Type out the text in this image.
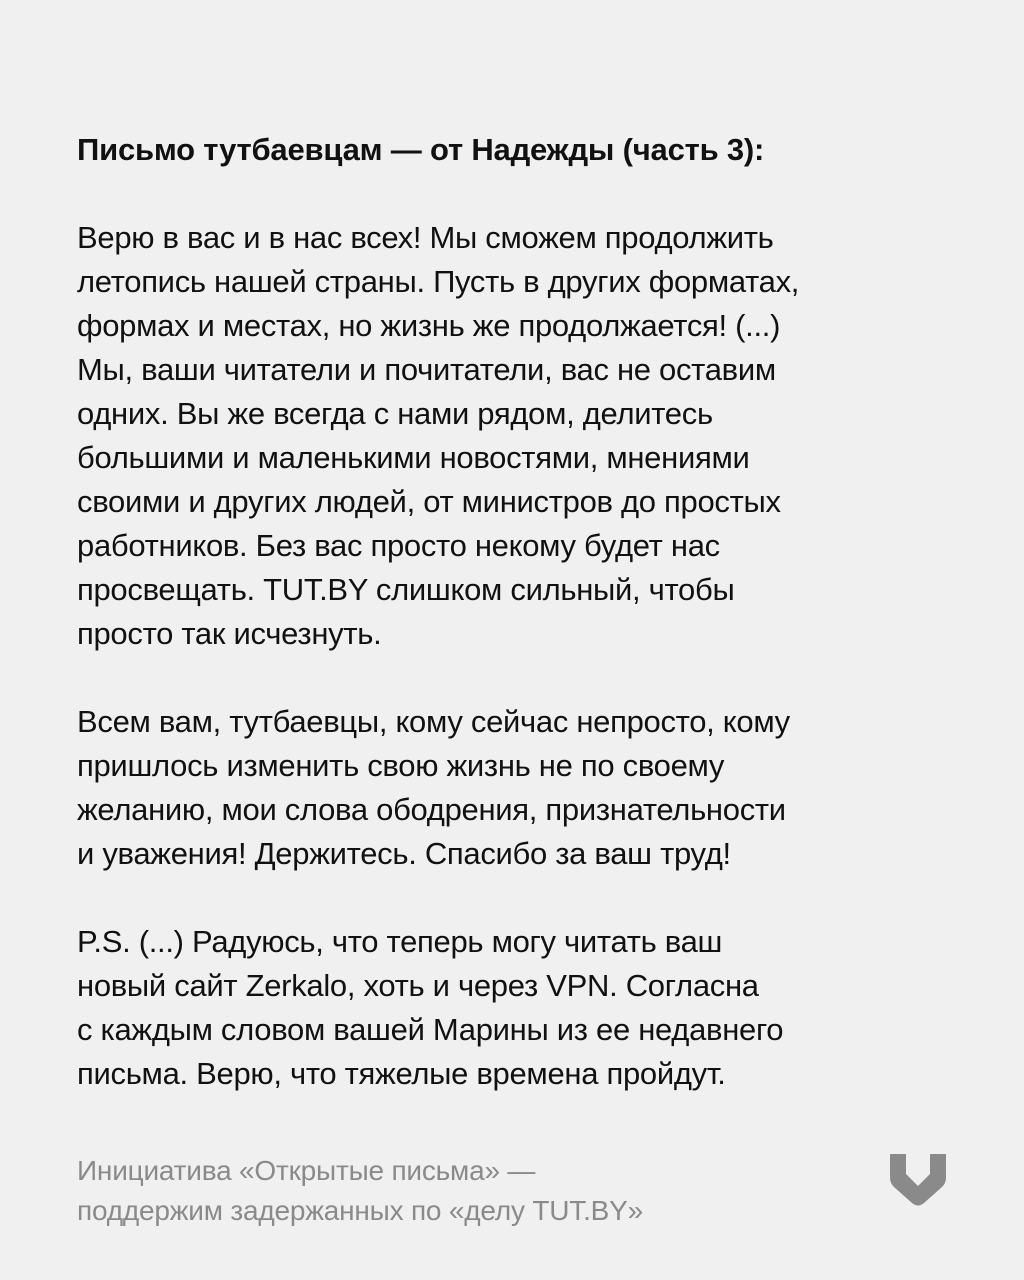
Письмо тутбаевцам — от Надежды (часть 3):

Верю в вас и в нас всех! Мы сможем продолжить
летопись нашей страны. Пусть в других форматах,
формах и местах, но жизнь же продолжается! (...)
Мы, ваши читатели и почитатели, вас не оставим
одних. Вы же всегда с нами рядом, делитесь
большими и маленькими новостями, мнениями
своими и других людей, от министров до простых
работников. Без вас просто некому будет нас
просвещать. TUT.BY слишком сильный, чтобы
просто так исчезнуть.

Всем вам, тутбаевцы, кому сейчас непросто, кому
пришлось изменить свою жизнь не по своему
желанию, мои слова ободрения, признательности
и уважения! Держитесь. Спасибо за ваш труд!

P.S. (...) Радуюсь, что теперь могу читать ваш
новый сайт Zerkalo, хоть и через VPN. Согласна
с каждым словом вашей Марины из ее недавнего
письма. Верю, что тяжелые времена пройдут.

Инициатива «Открытые письма» —
поддержим задержанных по «делу TUT.BY»
